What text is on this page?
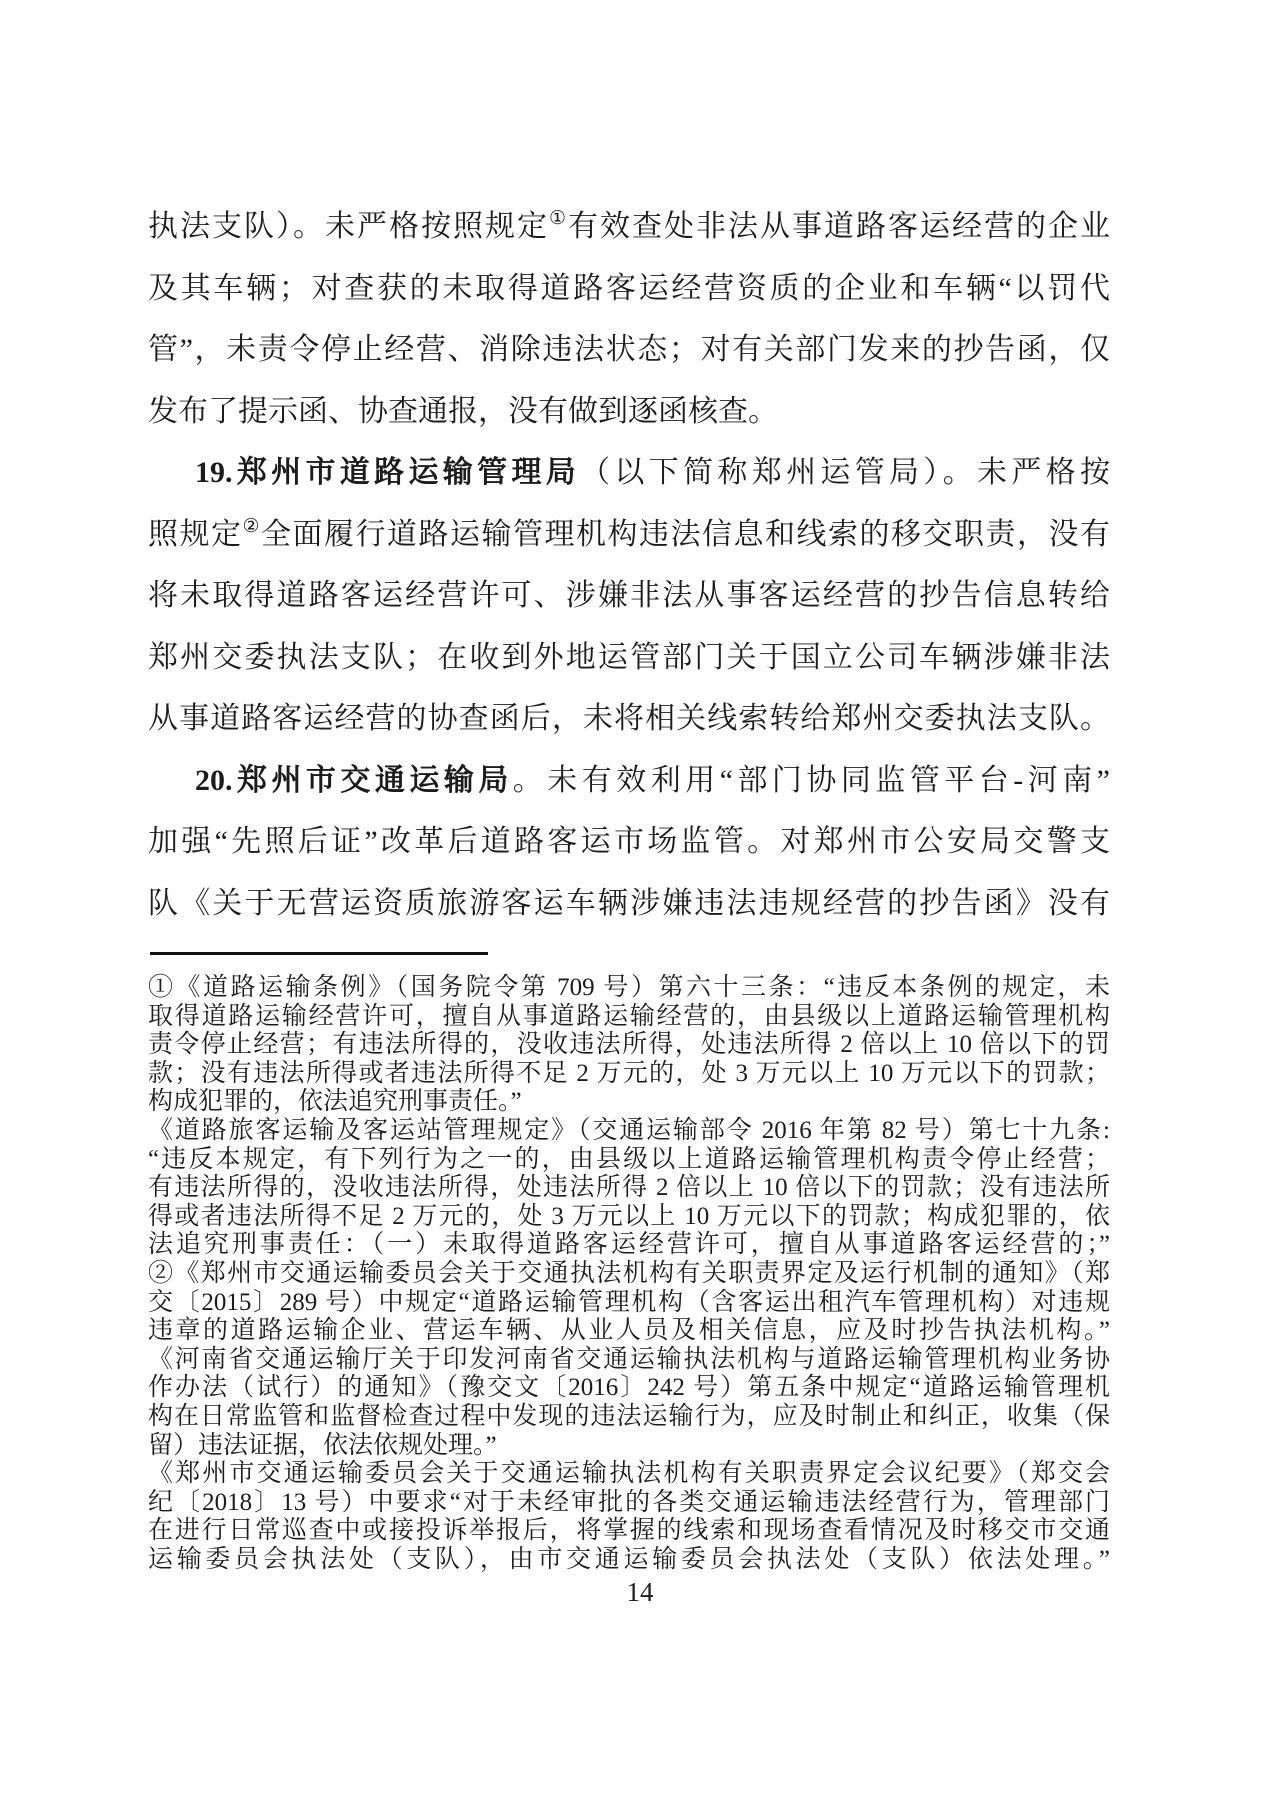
执法支队）。未严格按照规定①有效查处非法从事道路客运经营的企业
及其车辆；对查获的未取得道路客运经营资质的企业和车辆“以罚代
管”，未责令停止经营、消除违法状态；对有关部门发来的抄告函，仅
发布了提示函、协查通报，没有做到逐函核查。
19.郑州市道路运输管理局（以下简称郑州运管局）。未严格按
照规定②全面履行道路运输管理机构违法信息和线索的移交职责，没有
将未取得道路客运经营许可、涉嫌非法从事客运经营的抄告信息转给
郑州交委执法支队；在收到外地运管部门关于国立公司车辆涉嫌非法
从事道路客运经营的协查函后，未将相关线索转给郑州交委执法支队。
20.郑州市交通运输局。未有效利用“部门协同监管平台-河南”
加强“先照后证”改革后道路客运市场监管。对郑州市公安局交警支
队《关于无营运资质旅游客运车辆涉嫌违法违规经营的抄告函》没有
①《道路运输条例》（国务院令第 709 号）第六十三条：“违反本条例的规定，未
取得道路运输经营许可，擅自从事道路运输经营的，由县级以上道路运输管理机构
责令停止经营；有违法所得的，没收违法所得，处违法所得 2 倍以上 10 倍以下的罚
款；没有违法所得或者违法所得不足 2 万元的，处 3 万元以上 10 万元以下的罚款；
构成犯罪的，依法追究刑事责任。”
《道路旅客运输及客运站管理规定》（交通运输部令 2016 年第 82 号）第七十九条:
“违反本规定，有下列行为之一的，由县级以上道路运输管理机构责令停止经营；
有违法所得的，没收违法所得，处违法所得 2 倍以上 10 倍以下的罚款；没有违法所
得或者违法所得不足 2 万元的，处 3 万元以上 10 万元以下的罚款；构成犯罪的，依
法追究刑事责任：（一）未取得道路客运经营许可，擅自从事道路客运经营的；”
②《郑州市交通运输委员会关于交通执法机构有关职责界定及运行机制的通知》（郑
交〔2015〕289 号）中规定“道路运输管理机构（含客运出租汽车管理机构）对违规
违章的道路运输企业、营运车辆、从业人员及相关信息，应及时抄告执法机构。”
《河南省交通运输厅关于印发河南省交通运输执法机构与道路运输管理机构业务协
作办法（试行）的通知》（豫交文〔2016〕242 号）第五条中规定“道路运输管理机
构在日常监管和监督检查过程中发现的违法运输行为，应及时制止和纠正，收集（保
留）违法证据，依法依规处理。”
《郑州市交通运输委员会关于交通运输执法机构有关职责界定会议纪要》（郑交会
纪〔2018〕13 号）中要求“对于未经审批的各类交通运输违法经营行为，管理部门
在进行日常巡查中或接投诉举报后，将掌握的线索和现场查看情况及时移交市交通
运输委员会执法处（支队），由市交通运输委员会执法处（支队）依法处理。”
14
